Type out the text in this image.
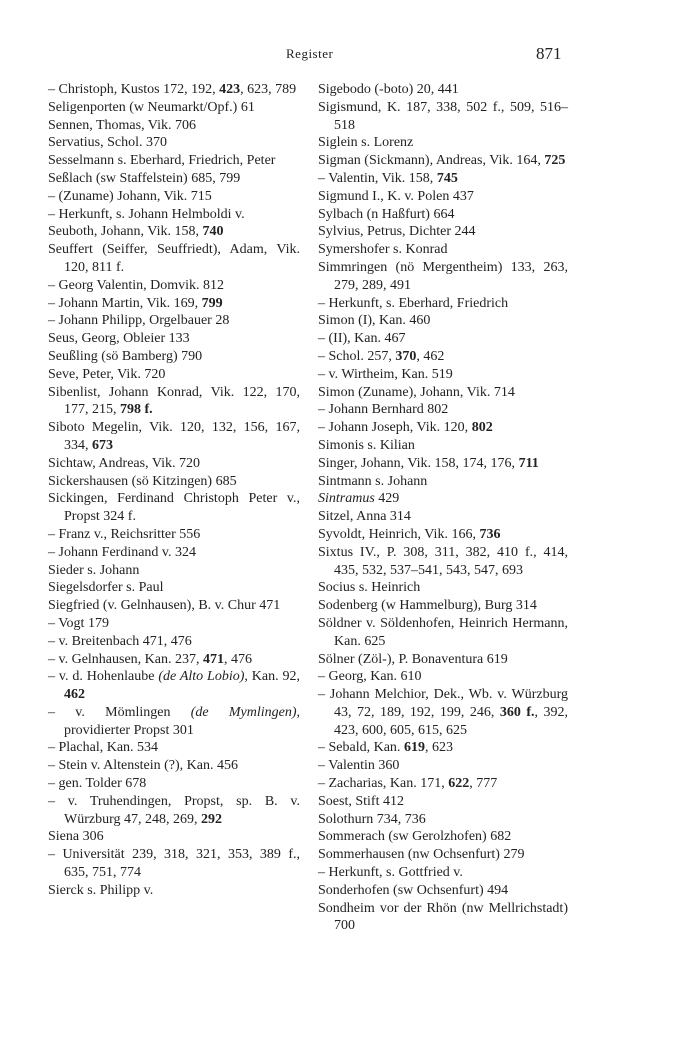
Register	871
– Christoph, Kustos 172, 192, 423, 623, 789
Seligenporten (w Neumarkt/Opf.) 61
Sennen, Thomas, Vik. 706
Servatius, Schol. 370
Sesselmann s. Eberhard, Friedrich, Peter
Seßlach (sw Staffelstein) 685, 799
– (Zuname) Johann, Vik. 715
– Herkunft, s. Johann Helmboldi v.
Seuboth, Johann, Vik. 158, 740
Seuffert (Seiffer, Seuffriedt), Adam, Vik. 120, 811 f.
– Georg Valentin, Domvik. 812
– Johann Martin, Vik. 169, 799
– Johann Philipp, Orgelbauer 28
Seus, Georg, Obleier 133
Seußling (sö Bamberg) 790
Seve, Peter, Vik. 720
Sibenlist, Johann Konrad, Vik. 122, 170, 177, 215, 798 f.
Siboto Megelin, Vik. 120, 132, 156, 167, 334, 673
Sichtaw, Andreas, Vik. 720
Sickershausen (sö Kitzingen) 685
Sickingen, Ferdinand Christoph Peter v., Propst 324 f.
– Franz v., Reichsritter 556
– Johann Ferdinand v. 324
Sieder s. Johann
Siegelsdorfer s. Paul
Siegfried (v. Gelnhausen), B. v. Chur 471
– Vogt 179
– v. Breitenbach 471, 476
– v. Gelnhausen, Kan. 237, 471, 476
– v. d. Hohenlaube (de Alto Lobio), Kan. 92, 462
– v. Mömlingen (de Mymlingen), providierter Propst 301
– Plachal, Kan. 534
– Stein v. Altenstein (?), Kan. 456
– gen. Tolder 678
– v. Truhendingen, Propst, sp. B. v. Würzburg 47, 248, 269, 292
Siena 306
– Universität 239, 318, 321, 353, 389 f., 635, 751, 774
Sierck s. Philipp v.
Sigebodo (-boto) 20, 441
Sigismund, K. 187, 338, 502 f., 509, 516–518
Siglein s. Lorenz
Sigman (Sickmann), Andreas, Vik. 164, 725
– Valentin, Vik. 158, 745
Sigmund I., K. v. Polen 437
Sylbach (n Haßfurt) 664
Sylvius, Petrus, Dichter 244
Symershofer s. Konrad
Simmringen (nö Mergentheim) 133, 263, 279, 289, 491
– Herkunft, s. Eberhard, Friedrich
Simon (I), Kan. 460
– (II), Kan. 467
– Schol. 257, 370, 462
– v. Wirtheim, Kan. 519
Simon (Zuname), Johann, Vik. 714
– Johann Bernhard 802
– Johann Joseph, Vik. 120, 802
Simonis s. Kilian
Singer, Johann, Vik. 158, 174, 176, 711
Sintmann s. Johann
Sintramus 429
Sitzel, Anna 314
Syvoldt, Heinrich, Vik. 166, 736
Sixtus IV., P. 308, 311, 382, 410 f., 414, 435, 532, 537–541, 543, 547, 693
Socius s. Heinrich
Sodenberg (w Hammelburg), Burg 314
Söldner v. Söldenhofen, Heinrich Hermann, Kan. 625
Sölner (Zöl-), P. Bonaventura 619
– Georg, Kan. 610
– Johann Melchior, Dek., Wb. v. Würzburg 43, 72, 189, 192, 199, 246, 360 f., 392, 423, 600, 605, 615, 625
– Sebald, Kan. 619, 623
– Valentin 360
– Zacharias, Kan. 171, 622, 777
Soest, Stift 412
Solothurn 734, 736
Sommerach (sw Gerolzhofen) 682
Sommerhausen (nw Ochsenfurt) 279
– Herkunft, s. Gottfried v.
Sonderhofen (sw Ochsenfurt) 494
Sondheim vor der Rhön (nw Mellrichstadt) 700
